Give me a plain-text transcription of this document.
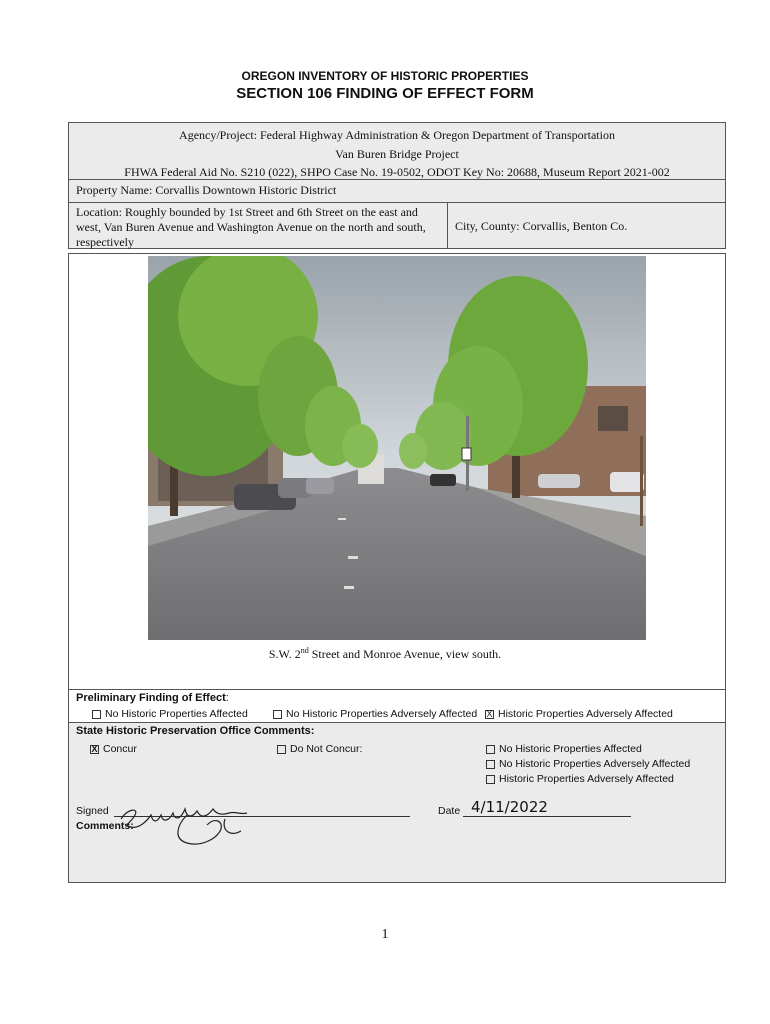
OREGON INVENTORY OF HISTORIC PROPERTIES
SECTION 106 FINDING OF EFFECT FORM
Agency/Project: Federal Highway Administration & Oregon Department of Transportation
Van Buren Bridge Project
FHWA Federal Aid No. S210 (022), SHPO Case No. 19-0502, ODOT Key No: 20688, Museum Report 2021-002
Property Name: Corvallis Downtown Historic District
Location: Roughly bounded by 1st Street and 6th Street on the east and west, Van Buren Avenue and Washington Avenue on the north and south, respectively
City, County: Corvallis, Benton Co.
S.W. 2nd Street and Monroe Avenue, view south.
Preliminary Finding of Effect:
No Historic Properties Affected	No Historic Properties Adversely Affected X Historic Properties Adversely Affected
State Historic Preservation Office Comments:
X Concur	Do Not Concur:	No Historic Properties Affected
No Historic Properties Adversely Affected
Historic Properties Adversely Affected
Signed	Date 4/11/2022
Comments:
1
